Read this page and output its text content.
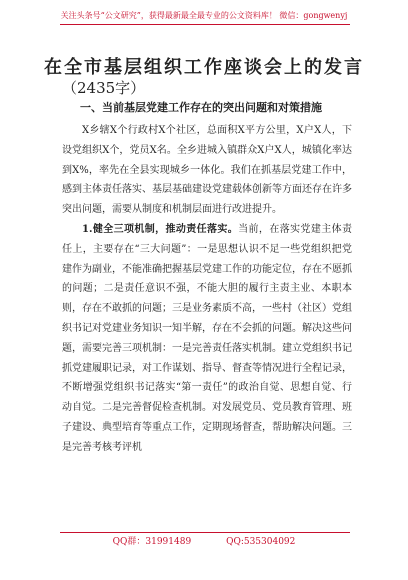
关注头条号“公文研究”，获得最新最全最专业的公文资料库！ 微信：gongwenyj
在全市基层组织工作座谈会上的发言
（2435字）
一、当前基层党建工作存在的突出问题和对策措施

X乡辖X个行政村X个社区，总面积X平方公里，X户X人，下设党组织X个，党员X名。全乡进城入镇群众X户X人，城镇化率达到X%，率先在全县实现城乡一体化。我们在抓基层党建工作中，感到主体责任落实、基层基础建设党建载体创新等方面还存在许多突出问题，需要从制度和机制层面进行改进提升。

1.健全三项机制，推动责任落实。当前，在落实党建主体责任上，主要存在“三大问题”：一是思想认识不足一些党组织把党建作为副业，不能准确把握基层党建工作的功能定位，存在不愿抓的问题；二是责任意识不强，不能大胆的履行主责主业、本职本则，存在不敢抓的问题；三是业务素质不高，一些村（社区）党组织书记对党建业务知识一知半解，存在不会抓的问题。解决这些问题，需要完善三项机制：一是完善责任落实机制。建立党组织书记抓党建履职记录，对工作谋划、指导、督查等情况进行全程记录，不断增强党组织书记落实“第一责任”的政治自觉、思想自觉、行动自觉。二是完善督促检查机制。对发展党员、党员教育管理、班子建设、典型培育等重点工作，定期现场督查，帮助解决问题。三是完善考核考评机

QQ群：31991489	QQ:535304092
